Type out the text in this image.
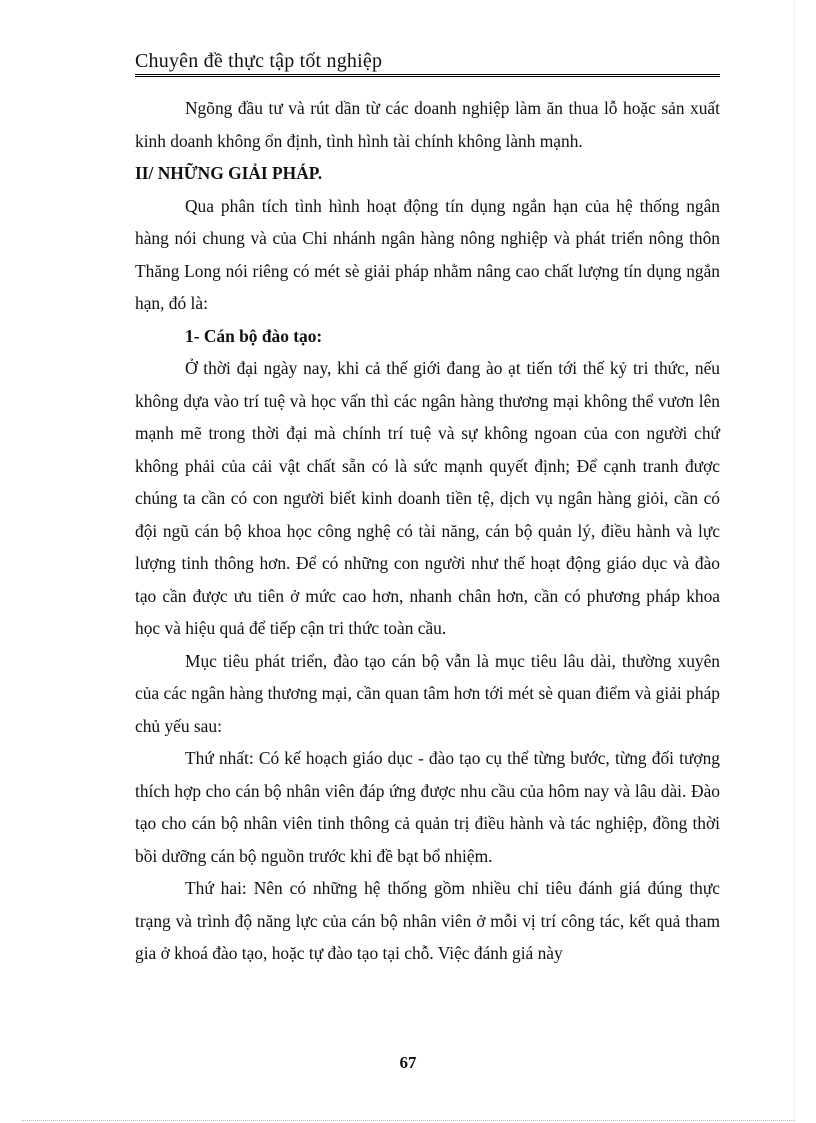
Chuyên đề thực tập tốt nghiệp

Ngõng đầu tư và rút dần từ các doanh nghiệp làm ăn thua lỗ hoặc sản xuất kinh doanh không ổn định, tình hình tài chính không lành mạnh.

II/ NHỮNG GIẢI PHÁP.

Qua phân tích tình hình hoạt động tín dụng ngắn hạn của hệ thống ngân hàng nói chung và của Chi nhánh ngân hàng nông nghiệp và phát triển nông thôn Thăng Long nói riêng có mét sè giải pháp nhằm nâng cao chất lượng tín dụng ngắn hạn, đó là:

1- Cán bộ đào tạo:

Ở thời đại ngày nay, khi cả thế giới đang ào ạt tiến tới thế kỷ tri thức, nếu không dựa vào trí tuệ và học vấn thì các ngân hàng thương mại không thể vươn lên mạnh mẽ trong thời đại mà chính trí tuệ và sự không ngoan của con người chứ không phải của cải vật chất sẵn có là sức mạnh quyết định; Để cạnh tranh được chúng ta cần có con người biết kinh doanh tiền tệ, dịch vụ ngân hàng giỏi, cần có đội ngũ cán bộ khoa học công nghệ có tài năng, cán bộ quản lý, điều hành và lực lượng tinh thông hơn. Để có những con người như thế hoạt động giáo dục và đào tạo cần được ưu tiên ở mức cao hơn, nhanh chân hơn, cần có phương pháp khoa học và hiệu quả để tiếp cận tri thức toàn cầu.

Mục tiêu phát triển, đào tạo cán bộ vẫn là mục tiêu lâu dài, thường xuyên của các ngân hàng thương mại, cần quan tâm hơn tới mét sè quan điểm và giải pháp chủ yếu sau:

Thứ nhất: Có kế hoạch giáo dục - đào tạo cụ thể từng bước, từng đối tượng thích hợp cho cán bộ nhân viên đáp ứng được nhu cầu của hôm nay và lâu dài. Đào tạo cho cán bộ nhân viên tinh thông cả quản trị điều hành và tác nghiệp, đồng thời bồi dưỡng cán bộ nguồn trước khi đề bạt bổ nhiệm.

Thứ hai: Nên có những hệ thống gồm nhiều chỉ tiêu đánh giá đúng thực trạng và trình độ năng lực của cán bộ nhân viên ở mỗi vị trí công tác, kết quả tham gia ở khoá đào tạo, hoặc tự đào tạo tại chỗ. Việc đánh giá này

67
